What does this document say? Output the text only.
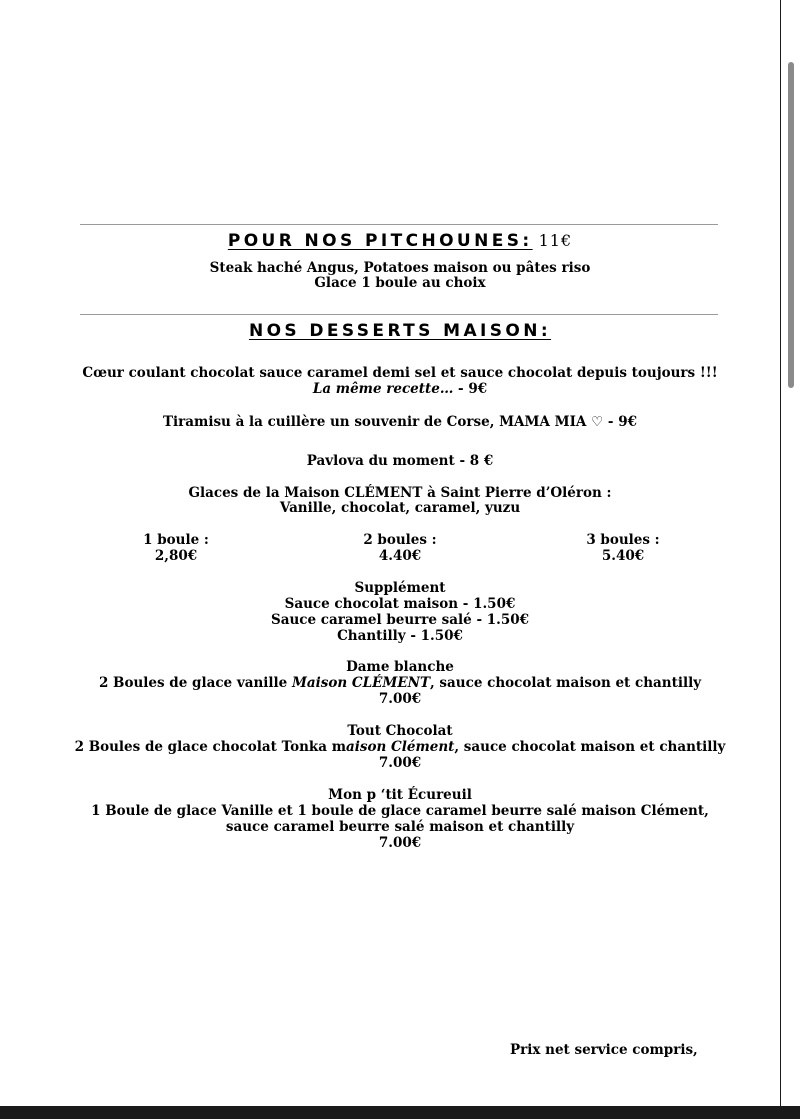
POUR NOS PITCHOUNES: 11€
Steak haché Angus, Potatoes maison ou pâtes riso
Glace 1 boule au choix
NOS DESSERTS MAISON:
Cœur coulant chocolat sauce caramel demi sel et sauce chocolat depuis toujours !!!
La même recette… - 9€
Tiramisu à la cuillère un souvenir de Corse, MAMA MIA ♡ - 9€
Pavlova du moment - 8 €
Glaces de la Maison CLÉMENT à Saint Pierre d’Oléron :
Vanille, chocolat, caramel, yuzu
1 boule :
2,80€
2 boules :
4.40€
3 boules :
5.40€
Supplément
Sauce chocolat maison - 1.50€
Sauce caramel beurre salé - 1.50€
Chantilly - 1.50€
Dame blanche
2 Boules de glace vanille Maison CLÉMENT, sauce chocolat maison et chantilly
7.00€
Tout Chocolat
2 Boules de glace chocolat Tonka maison Clément, sauce chocolat maison et chantilly
7.00€
Mon p ‘tit Écureuil
1 Boule de glace Vanille et 1 boule de glace caramel beurre salé maison Clément,
sauce caramel beurre salé maison et chantilly
7.00€
Prix net service compris,
